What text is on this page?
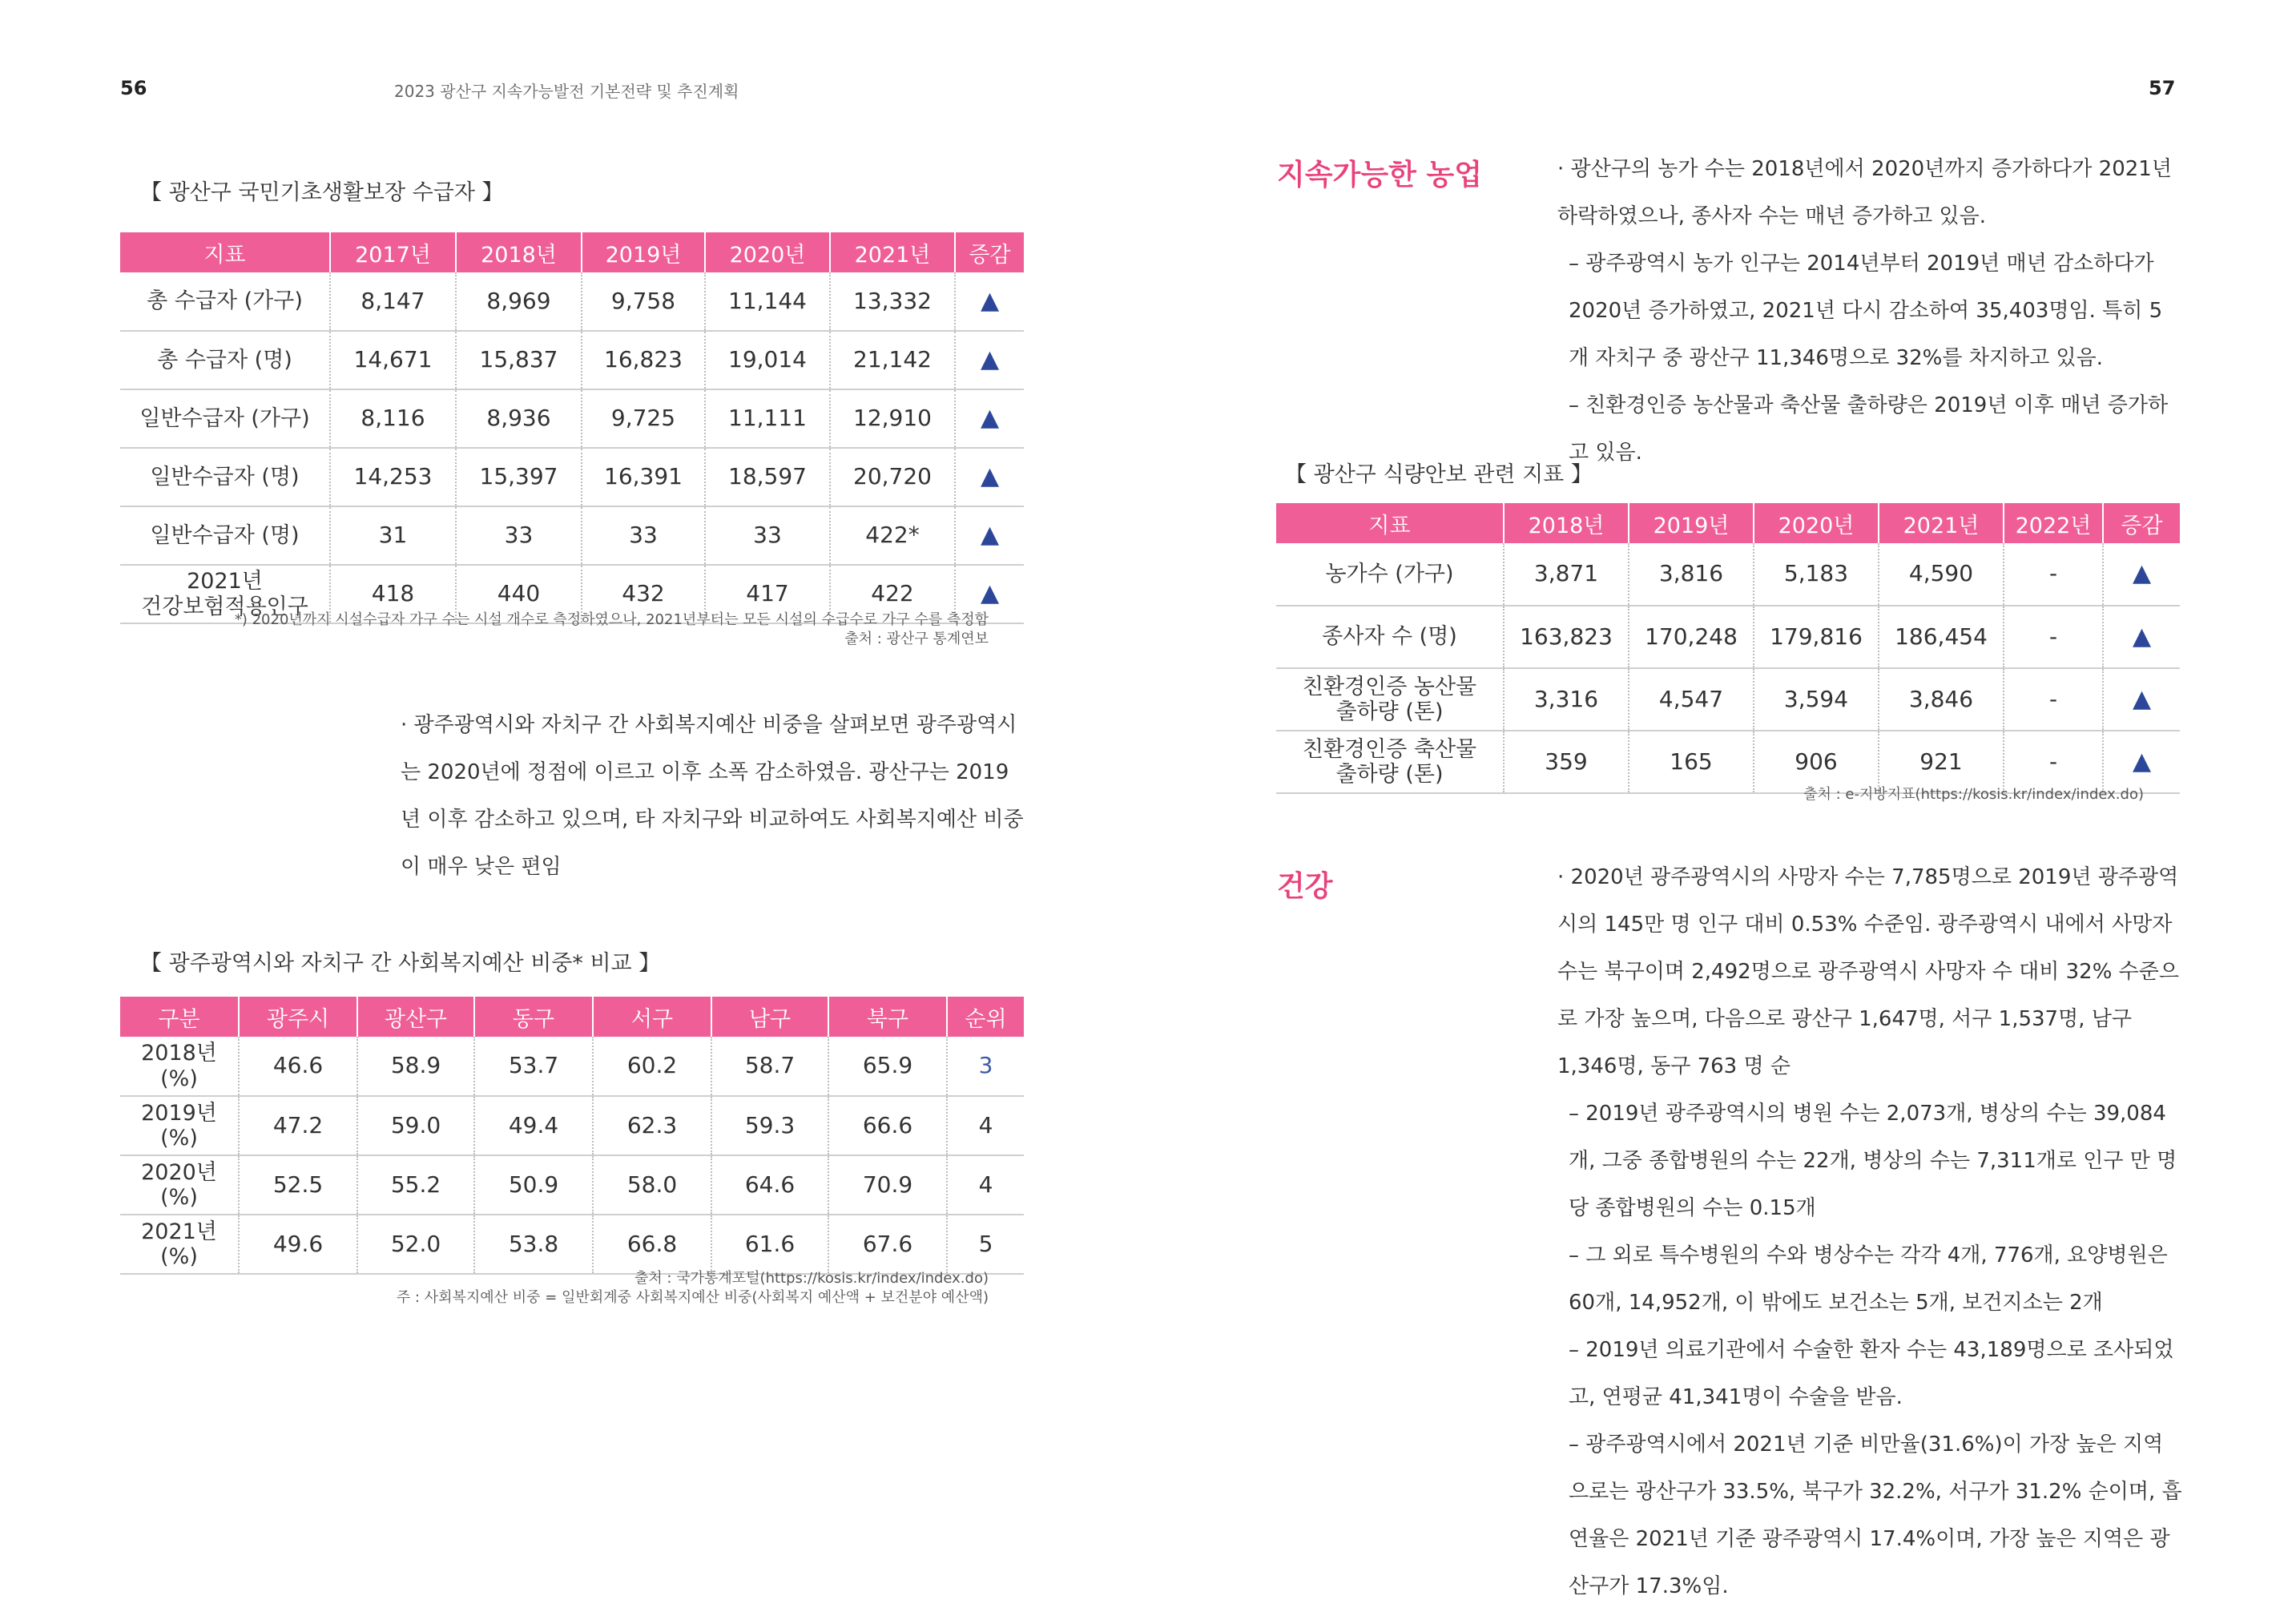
56	2023 광산구 지속가능발전 기본전략 및 추진계획	57
【 광산구 국민기초생활보장 수급자 】
지표	2017년	2018년	2019년	2020년	2021년	증감
총 수급자 (가구)	8,147	8,969	9,758	11,144	13,332	▲
총 수급자 (명)	14,671	15,837	16,823	19,014	21,142	▲
일반수급자 (가구)	8,116	8,936	9,725	11,111	12,910	▲
일반수급자 (명)	14,253	15,397	16,391	18,597	20,720	▲
일반수급자 (명)	31	33	33	33	422*	▲
2021년
건강보험적용인구	418	440	432	417	422	▲
*) 2020년까지 시설수급자 가구 수는 시설 개수로 측정하였으나, 2021년부터는 모든 시설의 수급수로 가구 수를 측정함
출처 : 광산구 통계연보
· 광주광역시와 자치구 간 사회복지예산 비중을 살펴보면 광주광역시는 2020년에 정점에 이르고 이후 소폭 감소하였음. 광산구는 2019년 이후 감소하고 있으며, 타 자치구와 비교하여도 사회복지예산 비중이 매우 낮은 편임
【 광주광역시와 자치구 간 사회복지예산 비중* 비교 】
구분	광주시	광산구	동구	서구	남구	북구	순위
2018년
(%)	46.6	58.9	53.7	60.2	58.7	65.9	3
2019년
(%)	47.2	59.0	49.4	62.3	59.3	66.6	4
2020년
(%)	52.5	55.2	50.9	58.0	64.6	70.9	4
2021년
(%)	49.6	52.0	53.8	66.8	61.6	67.6	5
출처 : 국가통계포털(https://kosis.kr/index/index.do)
주 : 사회복지예산 비중 = 일반회계중 사회복지예산 비중(사회복지 예산액 + 보건분야 예산액)
지속가능한 농업	· 광산구의 농가 수는 2018년에서 2020년까지 증가하다가 2021년 하락하였으나, 종사자 수는 매년 증가하고 있음.

– 광주광역시 농가 인구는 2014년부터 2019년 매년 감소하다가 2020년 증가하였고, 2021년 다시 감소하여 35,403명임. 특히 5개 자치구 중 광산구 11,346명으로 32%를 차지하고 있음.

– 친환경인증 농산물과 축산물 출하량은 2019년 이후 매년 증가하고 있음.

【 광산구 식량안보 관련 지표 】
지표	2018년	2019년	2020년	2021년	2022년	증감
농가수 (가구)	3,871	3,816	5,183	4,590	-	▲
종사자 수 (명)	163,823	170,248	179,816	186,454	-	▲
친환경인증 농산물
출하량 (톤)	3,316	4,547	3,594	3,846	-	▲
친환경인증 축산물
출하량 (톤)	359	165	906	921	-	▲
출처 : e-지방지표(https://kosis.kr/index/index.do)
건강	· 2020년 광주광역시의 사망자 수는 7,785명으로 2019년 광주광역시의 145만 명 인구 대비 0.53% 수준임. 광주광역시 내에서 사망자 수는 북구이며 2,492명으로 광주광역시 사망자 수 대비 32% 수준으로 가장 높으며, 다음으로 광산구 1,647명, 서구 1,537명, 남구 1,346명, 동구 763 명 순

– 2019년 광주광역시의 병원 수는 2,073개, 병상의 수는 39,084개, 그중 종합병원의 수는 22개, 병상의 수는 7,311개로 인구 만 명당 종합병원의 수는 0.15개

– 그 외로 특수병원의 수와 병상수는 각각 4개, 776개, 요양병원은 60개, 14,952개, 이 밖에도 보건소는 5개, 보건지소는 2개

– 2019년 의료기관에서 수술한 환자 수는 43,189명으로 조사되었고, 연평균 41,341명이 수술을 받음.

– 광주광역시에서 2021년 기준 비만율(31.6%)이 가장 높은 지역으로는 광산구가 33.5%, 북구가 32.2%, 서구가 31.2% 순이며, 흡연율은 2021년 기준 광주광역시 17.4%이며, 가장 높은 지역은 광산구가 17.3%임.
